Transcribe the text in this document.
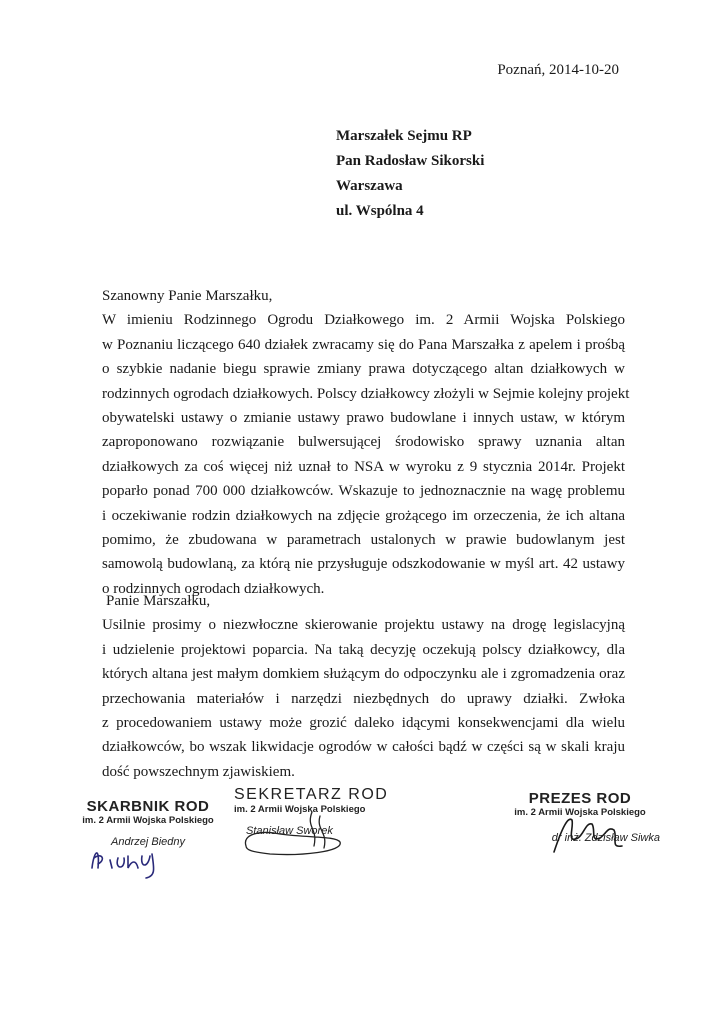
Poznań, 2014-10-20
Marszałek Sejmu RP
Pan Radosław Sikorski
Warszawa
ul. Wspólna 4

Szanowny Panie Marszałku,

W imieniu Rodzinnego Ogrodu Działkowego im. 2 Armii Wojska Polskiego
w Poznaniu liczącego 640 działek zwracamy się do Pana Marszałka z apelem i prośbą
o szybkie nadanie biegu sprawie zmiany prawa dotyczącego altan działkowych w
rodzinnych ogrodach działkowych. Polscy działkowcy złożyli w Sejmie kolejny projekt
obywatelski ustawy o zmianie ustawy prawo budowlane i innych ustaw, w którym
zaproponowano rozwiązanie bulwersującej środowisko sprawy uznania altan
działkowych za coś więcej niż uznał to NSA w wyroku z 9 stycznia 2014r. Projekt
poparło ponad 700 000 działkowców. Wskazuje to jednoznacznie na wagę problemu
i oczekiwanie rodzin działkowych na zdjęcie grożącego im orzeczenia, że ich altana
pomimo, że zbudowana w parametrach ustalonych w prawie budowlanym jest
samowolą budowlaną, za którą nie przysługuje odszkodowanie w myśl art. 42 ustawy
o rodzinnych ogrodach działkowych.

Panie Marszałku,

Usilnie prosimy o niezwłoczne skierowanie projektu ustawy na drogę legislacyjną
i udzielenie projektowi poparcia. Na taką decyzję oczekują polscy działkowcy, dla
których altana jest małym domkiem służącym do odpoczynku ale i zgromadzenia oraz
przechowania materiałów i narzędzi niezbędnych do uprawy działki. Zwłoka
z procedowaniem ustawy może grozić daleko idącymi konsekwencjami dla wielu
działkowców, bo wszak likwidacje ogrodów w całości bądź w części są w skali kraju
dość powszechnym zjawiskiem.

SKARBNIK ROD
im. 2 Armii Wojska Polskiego
Andrzej Biedny
SEKRETARZ ROD
im. 2 Armii Wojska Polskiego
Stanisław Sworek
PREZES ROD
im. 2 Armii Wojska Polskiego
dr inż. Zdzisław Siwka
